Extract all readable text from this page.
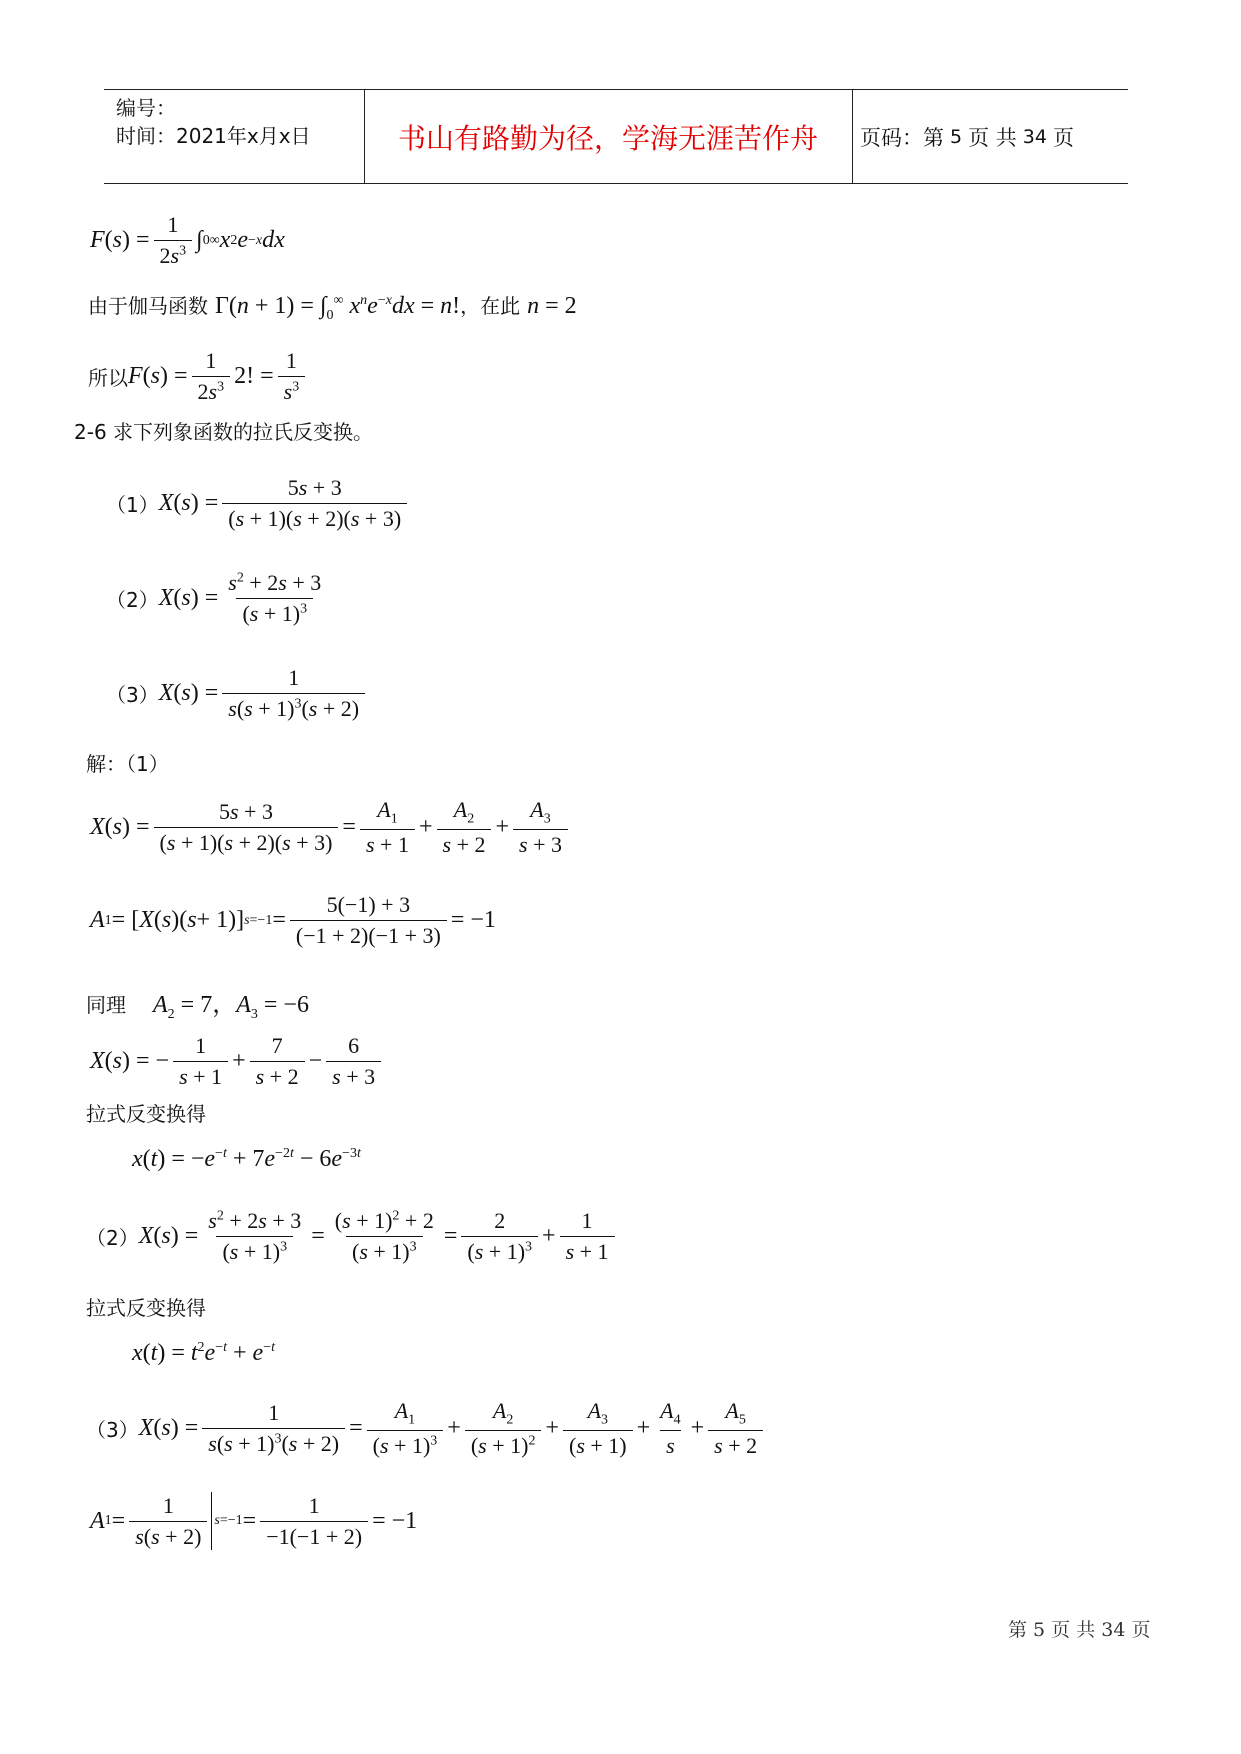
编号：
时间：2021年x月x日	书山有路勤为径，学海无涯苦作舟	页码：第 5 页 共 34 页
F ( s ) = $\frac{1}{2s^3}$ ∫ 0 ∞ x 2 e −x dx
由于伽马函数 $\Gamma(n + 1) = \int_0^\infty$ $x^ne^{-x}dx = n$!，在此 n = 2
所以 $F(s) = \frac{1}{2s^3} 2$! = $\frac{1}{s^3}$
2-6 求下列象函数的拉氏反变换。
（1） $X(s) = \frac{5s + 3}{(s + 1)(s + 2)(s + 3)}$
（2） $X(s) = \frac{s^2 + 2s + 3}{(s + 1)^3}$
（3） $X(s) = \frac{1}{s(s + 1)^3(s + 2)}$
解：（1）
X ( s ) = $\frac{5s + 3}{(s + 1)(s + 2)(s + 3)} = \frac{A_1}{s + 1} + \frac{A_2}{s + 2} + \frac{A_3}{s + 3}$
A 1 = [ X ( s )( s + 1)] $s=-1 = \frac{5(-1) + 3}{(-1 + 2)(-1 + 3)} = -1$
同理 $A_2 = 7$，$A_3 = -6$
X ( s ) = − $\frac{1}{s + 1} + \frac{7}{s + 2} - \frac{6}{s + 3}$
拉式反变换得
$x(t) = -e^{-t} + 7e^{-2t} - 6e^{-3t}$
（2） $X(s) = \frac{s^2 + 2s + 3}{(s + 1)^3} = \frac{(s + 1)^2 + 2}{(s + 1)^3} = \frac{2}{(s + 1)^3} + \frac{1}{s + 1}$
拉式反变换得
$x(t) = t^2e^{-t} + e^{-t}$
（3） $X(s) = \frac{1}{s(s + 1)^3(s + 2)} = \frac{A_1}{(s + 1)^3} + \frac{A_2}{(s + 1)^2} + \frac{A_3}{(s + 1)} + \frac{A_4}{s} + \frac{A_5}{s + 2}$
A $1 = \frac{1}{s(s + 2)} s=-1 = \frac{1}{-1(-1 + 2)} = -1$
第 5 页 共 34 页
